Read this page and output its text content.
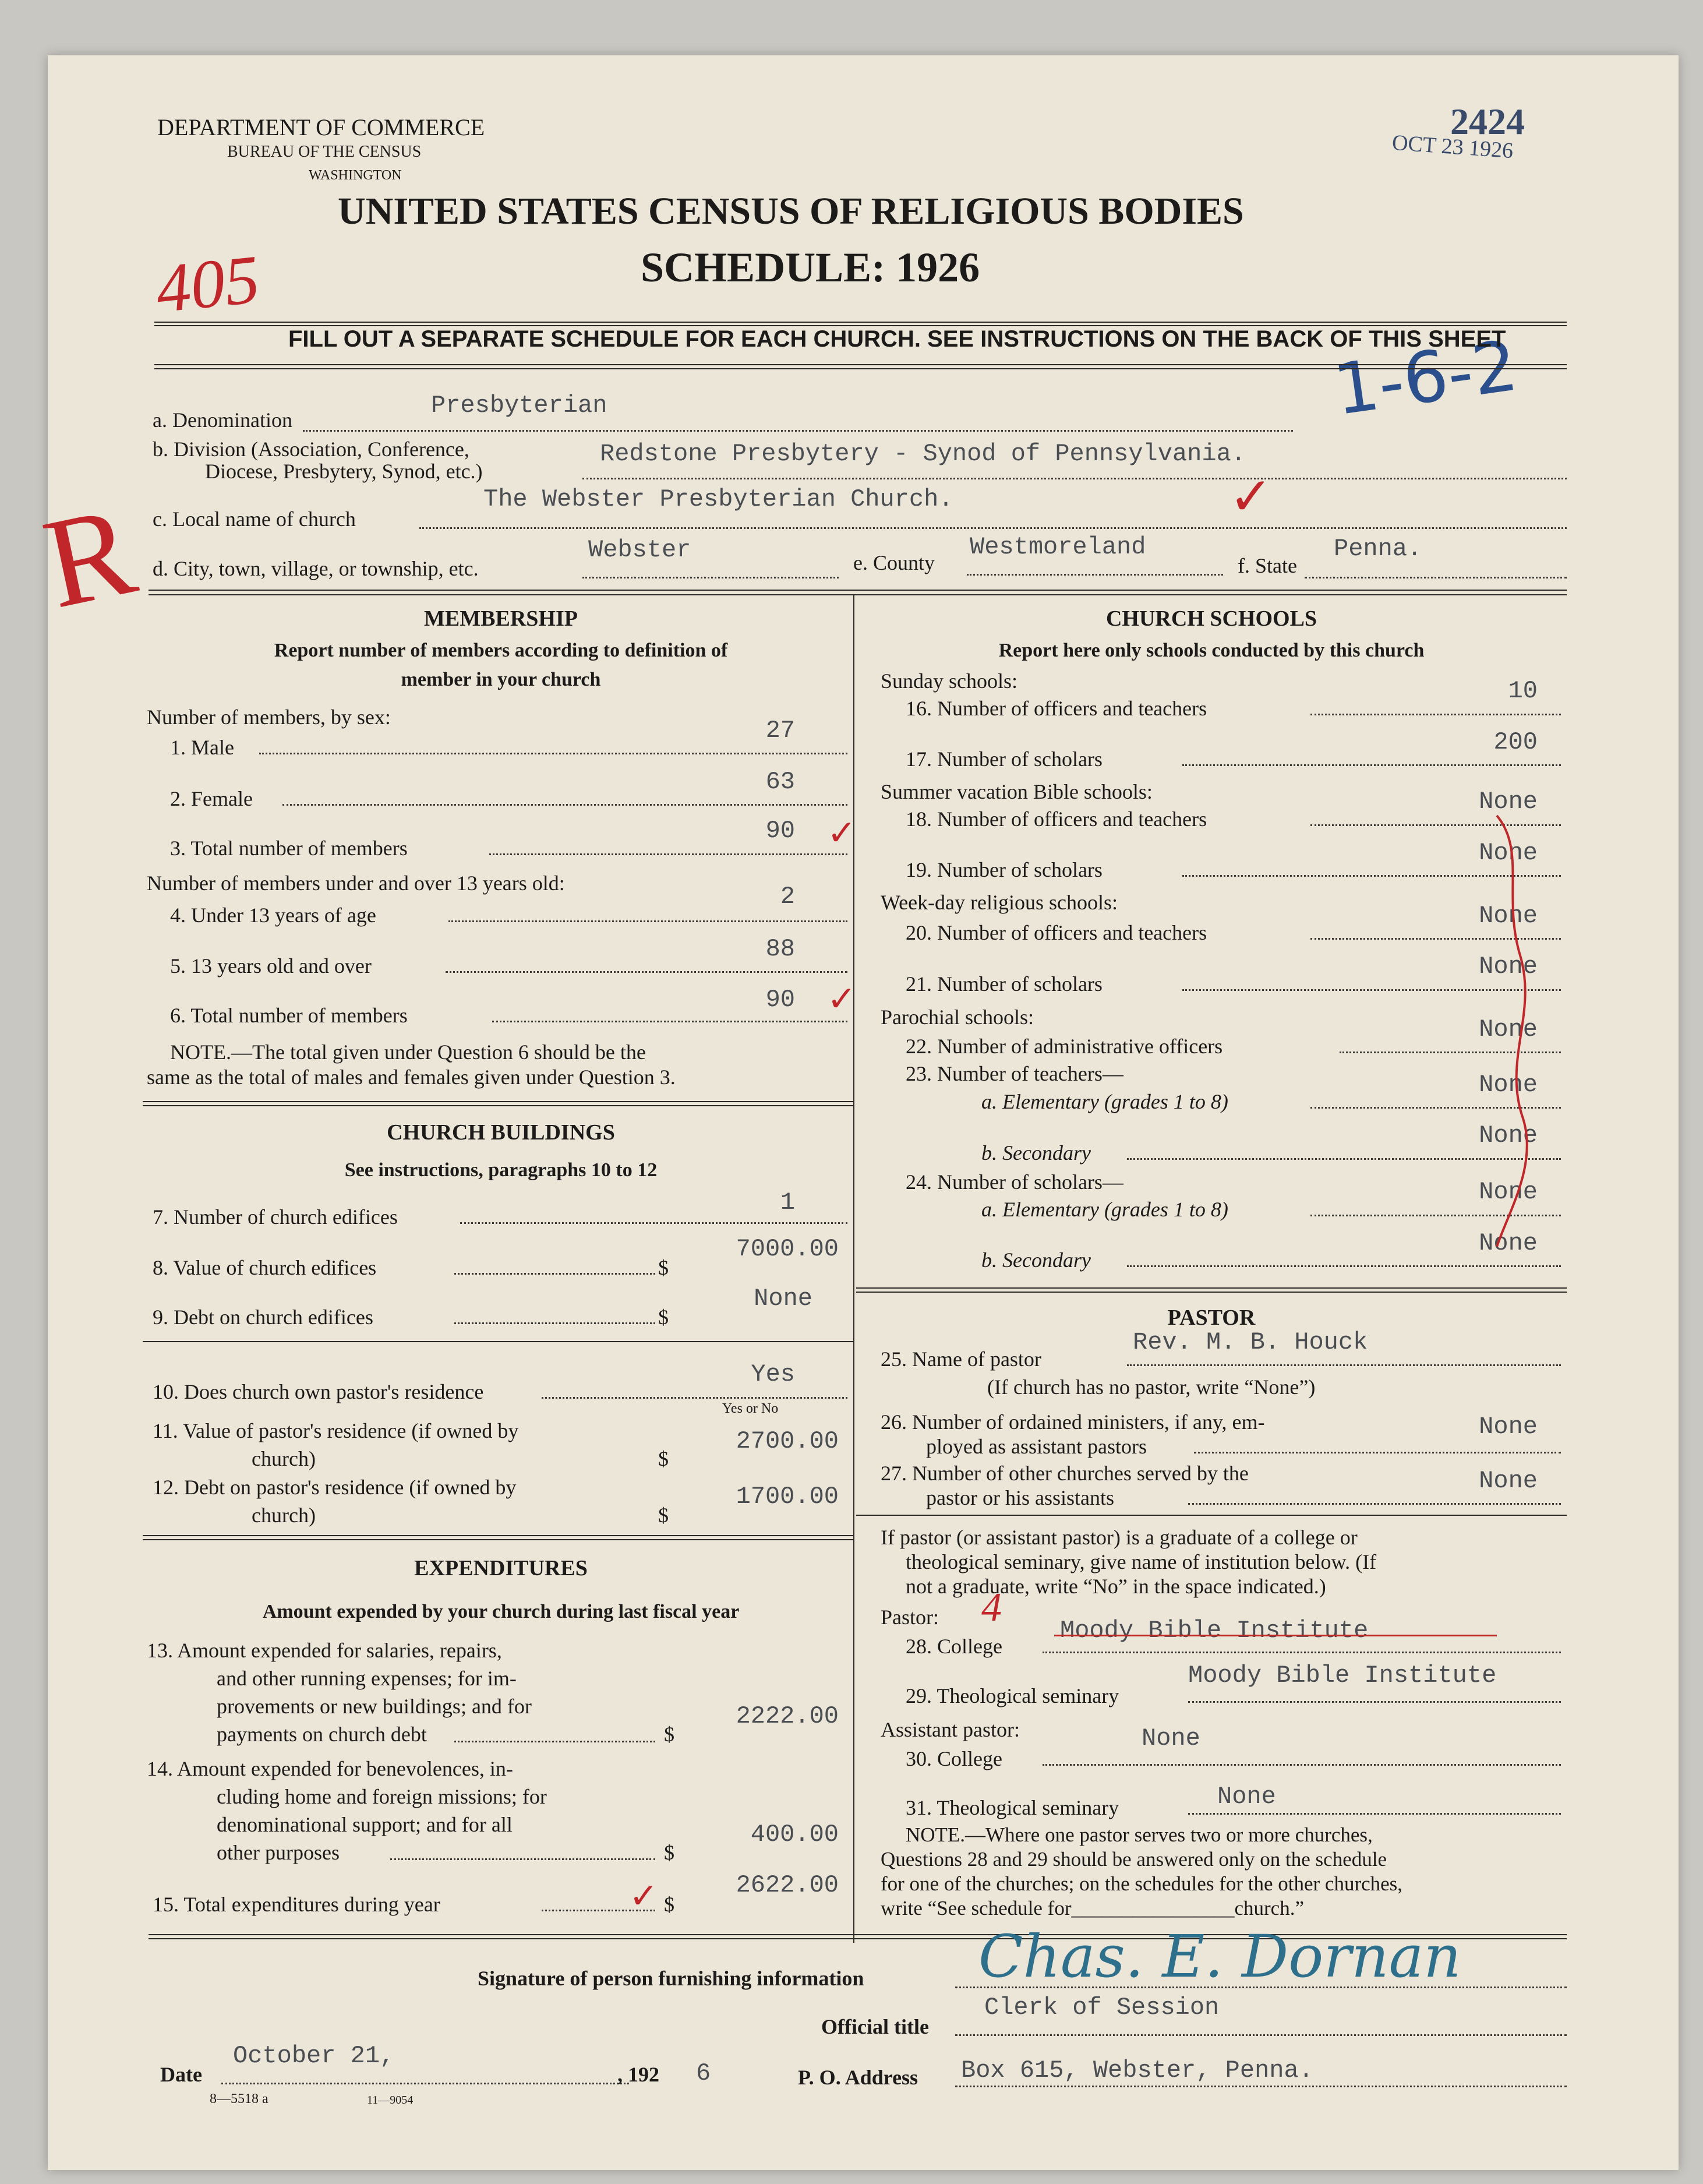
DEPARTMENT OF COMMERCE
BUREAU OF THE CENSUS
WASHINGTON
UNITED STATES CENSUS OF RELIGIOUS BODIES
SCHEDULE: 1926
405
2424
OCT 23 1926
1-6-2
R
FILL OUT A SEPARATE SCHEDULE FOR EACH CHURCH. SEE INSTRUCTIONS ON THE BACK OF THIS SHEET
a. Denomination
Presbyterian
b. Division (Association, Conference,
Diocese, Presbytery, Synod, etc.)
Redstone Presbytery - Synod of Pennsylvania.
c. Local name of church
The Webster Presbyterian Church.	✓
d. City, town, village, or township, etc.
Webster	e. County
Westmoreland
f. State
Penna.
MEMBERSHIP
Report number of members according to definition of
member in your church
Number of members, by sex:
1. Male
27
2. Female
63
3. Total number of members
90 ✓
Number of members under and over 13 years old:
4. Under 13 years of age
2
5. 13 years old and over
88
6. Total number of members
90 ✓
NOTE.—The total given under Question 6 should be the
same as the total of males and females given under Question 3.
CHURCH BUILDINGS
See instructions, paragraphs 10 to 12
7. Number of church edifices
1
8. Value of church edifices	$
7000.00
9. Debt on church edifices	$
None
10. Does church own pastor's residence
Yes
Yes or No
11. Value of pastor's residence (if owned by
church)	$
2700.00
12. Debt on pastor's residence (if owned by
church)	$
1700.00
EXPENDITURES
Amount expended by your church during last fiscal year
13. Amount expended for salaries, repairs,
and other running expenses; for im-
provements or new buildings; and for
payments on church debt	$
2222.00
14. Amount expended for benevolences, in-
cluding home and foreign missions; for
denominational support; and for all
other purposes	$
400.00
15. Total expenditures during year	$
2622.00
✓
CHURCH SCHOOLS
Report here only schools conducted by this church
Sunday schools:
16. Number of officers and teachers
10
17. Number of scholars
200
Summer vacation Bible schools:
18. Number of officers and teachers
None
19. Number of scholars
None
Week-day religious schools:
20. Number of officers and teachers
None
21. Number of scholars
None
Parochial schools:
22. Number of administrative officers
None
23. Number of teachers—
a. Elementary (grades 1 to 8)
None
b. Secondary
None
24. Number of scholars—
a. Elementary (grades 1 to 8)
None
b. Secondary
None
PASTOR
25. Name of pastor
Rev. M. B. Houck
(If church has no pastor, write “None”)
26. Number of ordained ministers, if any, em-
ployed as assistant pastors
None
27. Number of other churches served by the
pastor or his assistants
None
If pastor (or assistant pastor) is a graduate of a college or
theological seminary, give name of institution below. (If
not a graduate, write “No” in the space indicated.)
Pastor: 4
28. College
Moody Bible Institute
29. Theological seminary
Moody Bible Institute
Assistant pastor:
30. College
None
31. Theological seminary	None
NOTE.—Where one pastor serves two or more churches,
Questions 28 and 29 should be answered only on the schedule
for one of the churches; on the schedules for the other churches,
write “See schedule for________________church.”
Signature of person furnishing information Chas. E. Dornan
Official title
Clerk of Session
Date
October 21,
, 192 6	P. O. Address Box 615, Webster, Penna.
8—5518 a	11—9054
